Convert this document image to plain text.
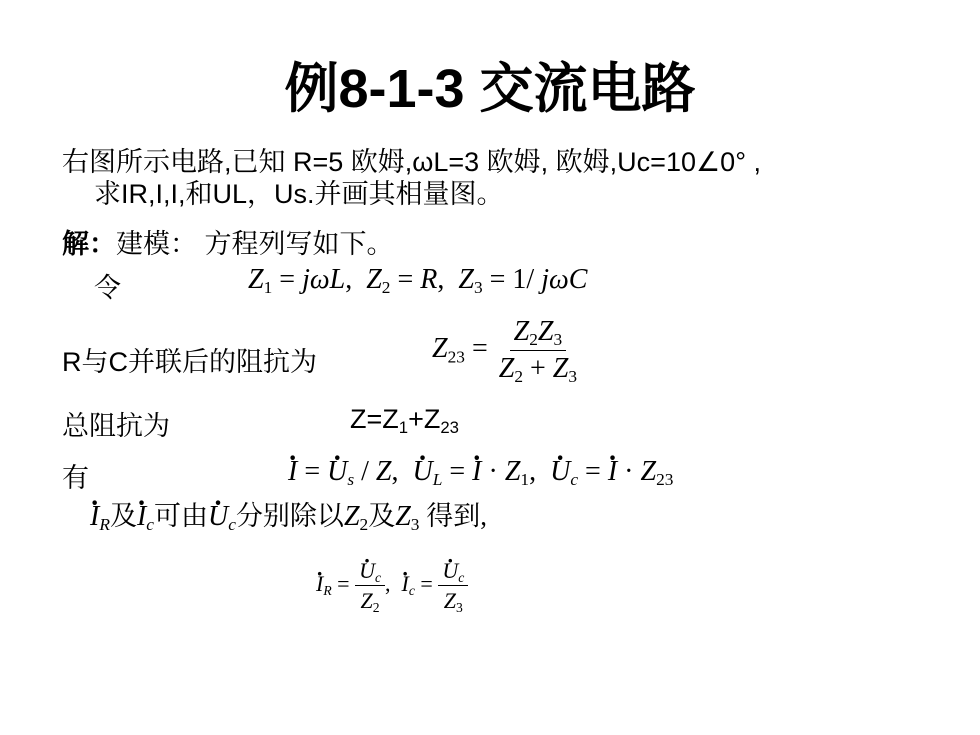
例8-1-3 交流电路
右图所示电路,已知 R=5 欧姆,ωL=3 欧姆, 欧姆,Uc=10∠0° ,
求IR,I,I,和UL，Us.并画其相量图。
解：建模： 方程列写如下。
令	$Z_1 = j\omega L$,  $Z_2 = R$,  $Z_3 = 1/$ jωC
R与C并联后的阻抗为	$Z_{23} = \frac{Z_2Z_3}{Z_2 + Z_3}$
总阻抗为	$Z=Z_1+Z_{23}$
有	· I = · $U_s$ / Z, · $U_L$ = · $I \cdot Z_1$, · $U_c$ = · $I \cdot Z_{23}$
· $I_R$及· $I_c$可由· $U_c$分别除以$Z_2$及$Z_3$ 得到,
· $I_R$ = · $\frac{U_c}{Z_2}$ , · $I_c$ = · $\frac{U_c}{Z_3}$
